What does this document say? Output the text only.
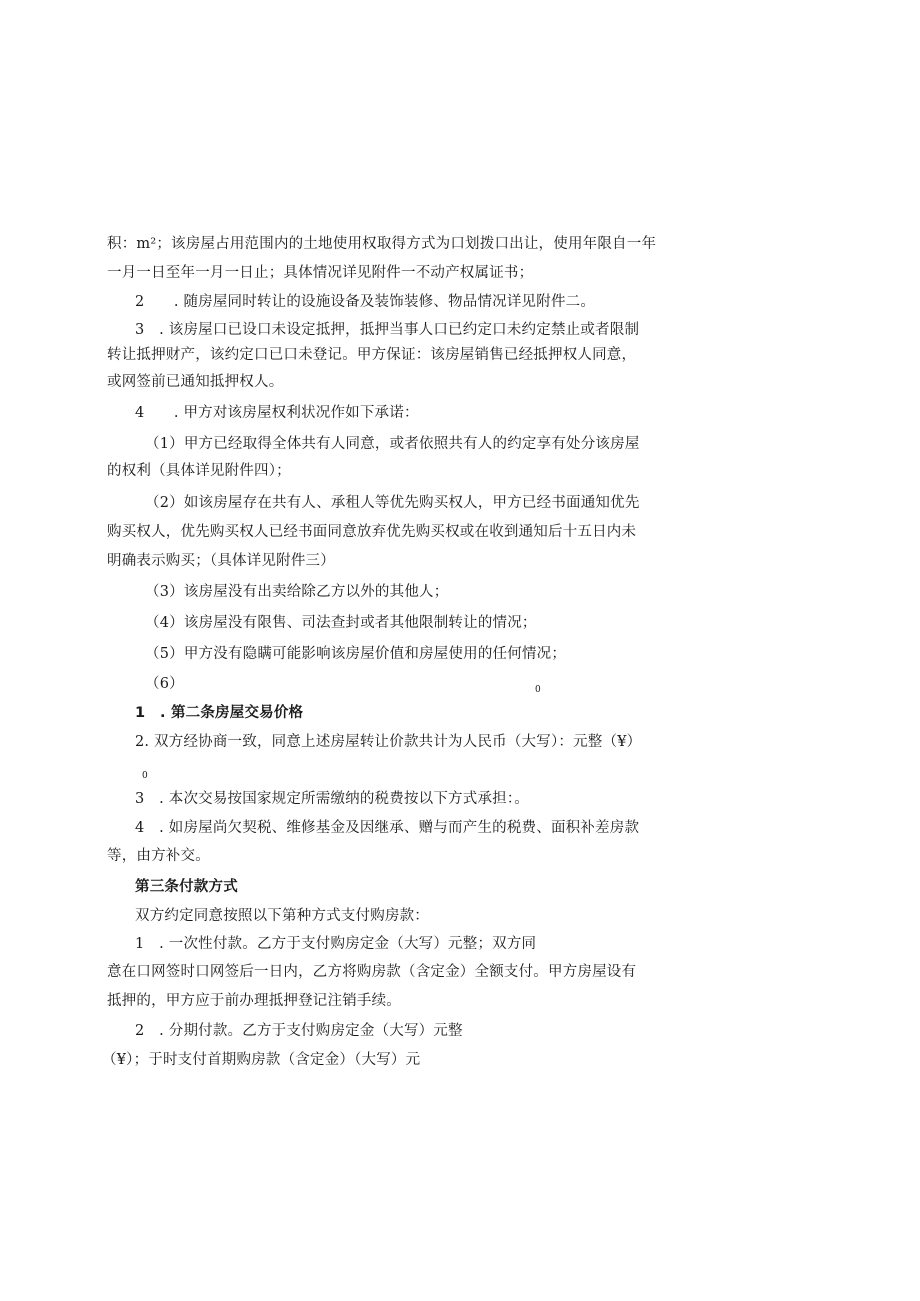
积：m²；该房屋占用范围内的土地使用权取得方式为口划拨口出让，使用年限自一年
一月一日至年一月一日止；具体情况详见附件一不动产权属证书；
2　　. 随房屋同时转让的设施设备及装饰装修、物品情况详见附件二。
3　. 该房屋口已设口未设定抵押，抵押当事人口已约定口未约定禁止或者限制
转让抵押财产，该约定口已口未登记。甲方保证：该房屋销售已经抵押权人同意，
或网签前已通知抵押权人。
4　　. 甲方对该房屋权利状况作如下承诺：
（1）甲方已经取得全体共有人同意，或者依照共有人的约定享有处分该房屋
的权利（具体详见附件四）；
（2）如该房屋存在共有人、承租人等优先购买权人，甲方已经书面通知优先
购买权人，优先购买权人已经书面同意放弃优先购买权或在收到通知后十五日内未
明确表示购买；（具体详见附件三）
（3）该房屋没有出卖给除乙方以外的其他人；
（4）该房屋没有限售、司法查封或者其他限制转让的情况；
（5）甲方没有隐瞒可能影响该房屋价值和房屋使用的任何情况；
（6）	0
1　. 第二条房屋交易价格
2. 双方经协商一致，同意上述房屋转让价款共计为人民币（大写）：元整（¥）
0
3　. 本次交易按国家规定所需缴纳的税费按以下方式承担：。
4　. 如房屋尚欠契税、维修基金及因继承、赠与而产生的税费、面积补差房款
等，由方补交。
第三条付款方式
双方约定同意按照以下第种方式支付购房款：
1　. 一次性付款。乙方于支付购房定金（大写）元整；双方同
意在口网签时口网签后一日内，乙方将购房款（含定金）全额支付。甲方房屋设有
抵押的，甲方应于前办理抵押登记注销手续。
2　. 分期付款。乙方于支付购房定金（大写）元整
（¥）；于时支付首期购房款（含定金）（大写）元
